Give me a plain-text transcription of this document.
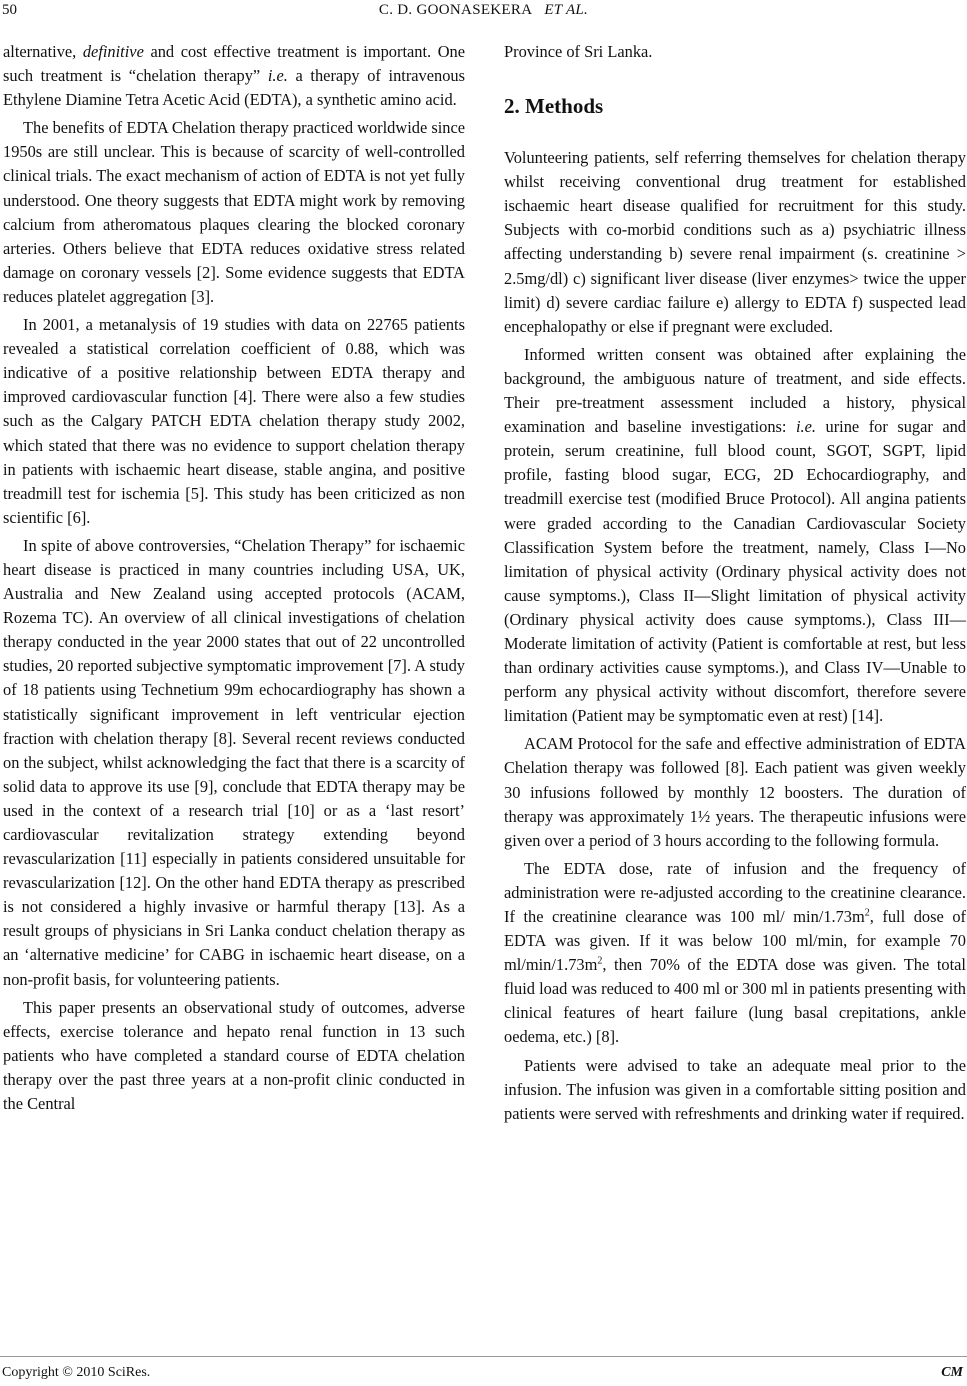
50	C. D. GOONASEKERA ET AL.

alternative, definitive and cost effective treatment is important. One such treatment is “chelation therapy” i.e. a therapy of intravenous Ethylene Diamine Tetra Acetic Acid (EDTA), a synthetic amino acid.

The benefits of EDTA Chelation therapy practiced worldwide since 1950s are still unclear. This is because of scarcity of well-controlled clinical trials. The exact mechanism of action of EDTA is not yet fully understood. One theory suggests that EDTA might work by removing calcium from atheromatous plaques clearing the blocked coronary arteries. Others believe that EDTA reduces oxidative stress related damage on coronary vessels [2]. Some evidence suggests that EDTA reduces platelet aggregation [3].

In 2001, a metanalysis of 19 studies with data on 22765 patients revealed a statistical correlation coefficient of 0.88, which was indicative of a positive relationship between EDTA therapy and improved cardiovascular function [4]. There were also a few studies such as the Calgary PATCH EDTA chelation therapy study 2002, which stated that there was no evidence to support chelation therapy in patients with ischaemic heart disease, stable angina, and positive treadmill test for ischemia [5]. This study has been criticized as non scientific [6].

In spite of above controversies, “Chelation Therapy” for ischaemic heart disease is practiced in many countries including USA, UK, Australia and New Zealand using accepted protocols (ACAM, Rozema TC). An overview of all clinical investigations of chelation therapy conducted in the year 2000 states that out of 22 uncontrolled studies, 20 reported subjective symptomatic improvement [7]. A study of 18 patients using Technetium 99m echocardiography has shown a statistically significant improvement in left ventricular ejection fraction with chelation therapy [8]. Several recent reviews conducted on the subject, whilst acknowledging the fact that there is a scarcity of solid data to approve its use [9], conclude that EDTA therapy may be used in the context of a research trial [10] or as a ‘last resort’ cardiovascular revitalization strategy extending beyond revascularization [11] especially in patients considered unsuitable for revascularization [12]. On the other hand EDTA therapy as prescribed is not considered a highly invasive or harmful therapy [13]. As a result groups of physicians in Sri Lanka conduct chelation therapy as an ‘alternative medicine’ for CABG in ischaemic heart disease, on a non-profit basis, for volunteering patients.

This paper presents an observational study of outcomes, adverse effects, exercise tolerance and hepato renal function in 13 such patients who have completed a standard course of EDTA chelation therapy over the past three years at a non-profit clinic conducted in the Central

Province of Sri Lanka.

2. Methods

Volunteering patients, self referring themselves for chelation therapy whilst receiving conventional drug treatment for established ischaemic heart disease qualified for recruitment for this study. Subjects with co-morbid conditions such as a) psychiatric illness affecting understanding b) severe renal impairment (s. creatinine > 2.5mg/dl) c) significant liver disease (liver enzymes> twice the upper limit) d) severe cardiac failure e) allergy to EDTA f) suspected lead encephalopathy or else if pregnant were excluded.

Informed written consent was obtained after explaining the background, the ambiguous nature of treatment, and side effects. Their pre-treatment assessment included a history, physical examination and baseline investigations: i.e. urine for sugar and protein, serum creatinine, full blood count, SGOT, SGPT, lipid profile, fasting blood sugar, ECG, 2D Echocardiography, and treadmill exercise test (modified Bruce Protocol). All angina patients were graded according to the Canadian Cardiovascular Society Classification System before the treatment, namely, Class I—No limitation of physical activity (Ordinary physical activity does not cause symptoms.), Class II—Slight limitation of physical activity (Ordinary physical activity does cause symptoms.), Class III—Moderate limitation of activity (Patient is comfortable at rest, but less than ordinary activities cause symptoms.), and Class IV—Unable to perform any physical activity without discomfort, therefore severe limitation (Patient may be symptomatic even at rest) [14].

ACAM Protocol for the safe and effective administration of EDTA Chelation therapy was followed [8]. Each patient was given weekly 30 infusions followed by monthly 12 boosters. The duration of therapy was approximately 1½ years. The therapeutic infusions were given over a period of 3 hours according to the following formula.

The EDTA dose, rate of infusion and the frequency of administration were re-adjusted according to the creatinine clearance. If the creatinine clearance was 100 ml/ $\min/1.73m^2$, full dose of EDTA was given. If it was below 100 ml/min, for example 70 $ml/\min/1.73m^2$, then 70% of the EDTA dose was given. The total fluid load was reduced to 400 ml or 300 ml in patients presenting with clinical features of heart failure (lung basal crepitations, ankle oedema, etc.) [8].

Patients were advised to take an adequate meal prior to the infusion. The infusion was given in a comfortable sitting position and patients were served with refreshments and drinking water if required.

Copyright © 2010 SciRes.	CM
